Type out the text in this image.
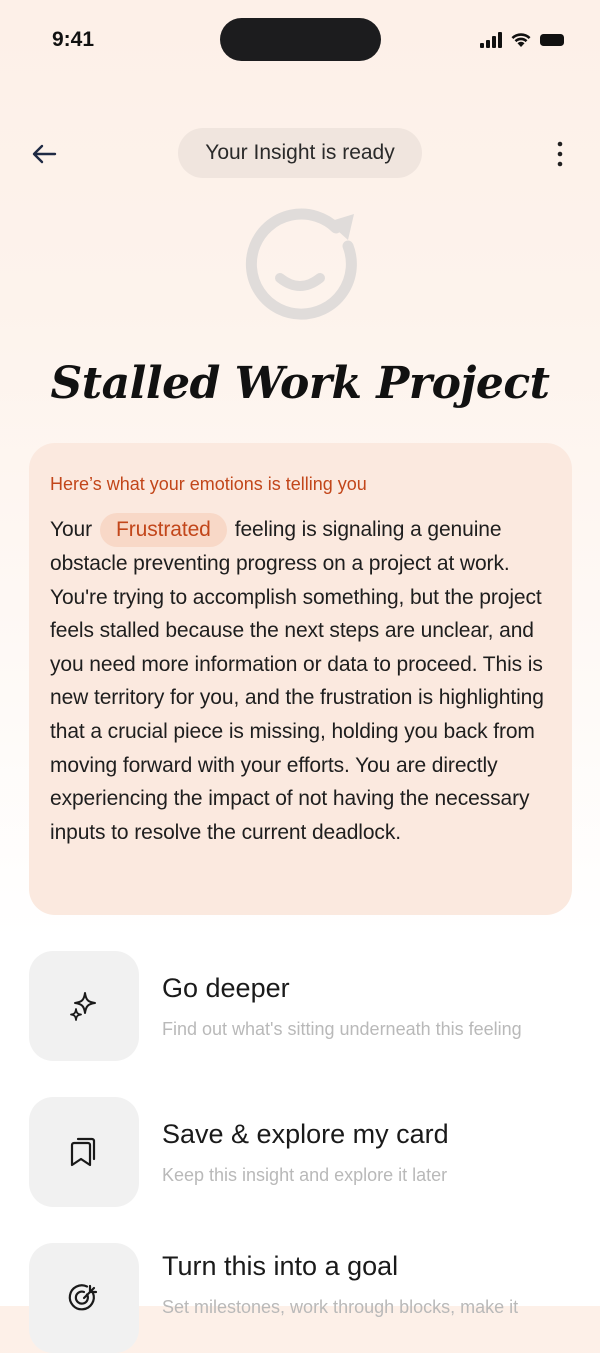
9:41
Your Insight is ready
Stalled Work Project
Here’s what your emotions is telling you

Your Frustrated feeling is signaling a genuine obstacle preventing progress on a project at work. You're trying to accomplish something, but the project feels stalled because the next steps are unclear, and you need more information or data to proceed. This is new territory for you, and the frustration is highlighting that a crucial piece is missing, holding you back from moving forward with your efforts. You are directly experiencing the impact of not having the necessary inputs to resolve the current deadlock.

Go deeper
Find out what's sitting underneath this feeling
Save & explore my card
Keep this insight and explore it later
Turn this into a goal
Set milestones, work through blocks, make it
